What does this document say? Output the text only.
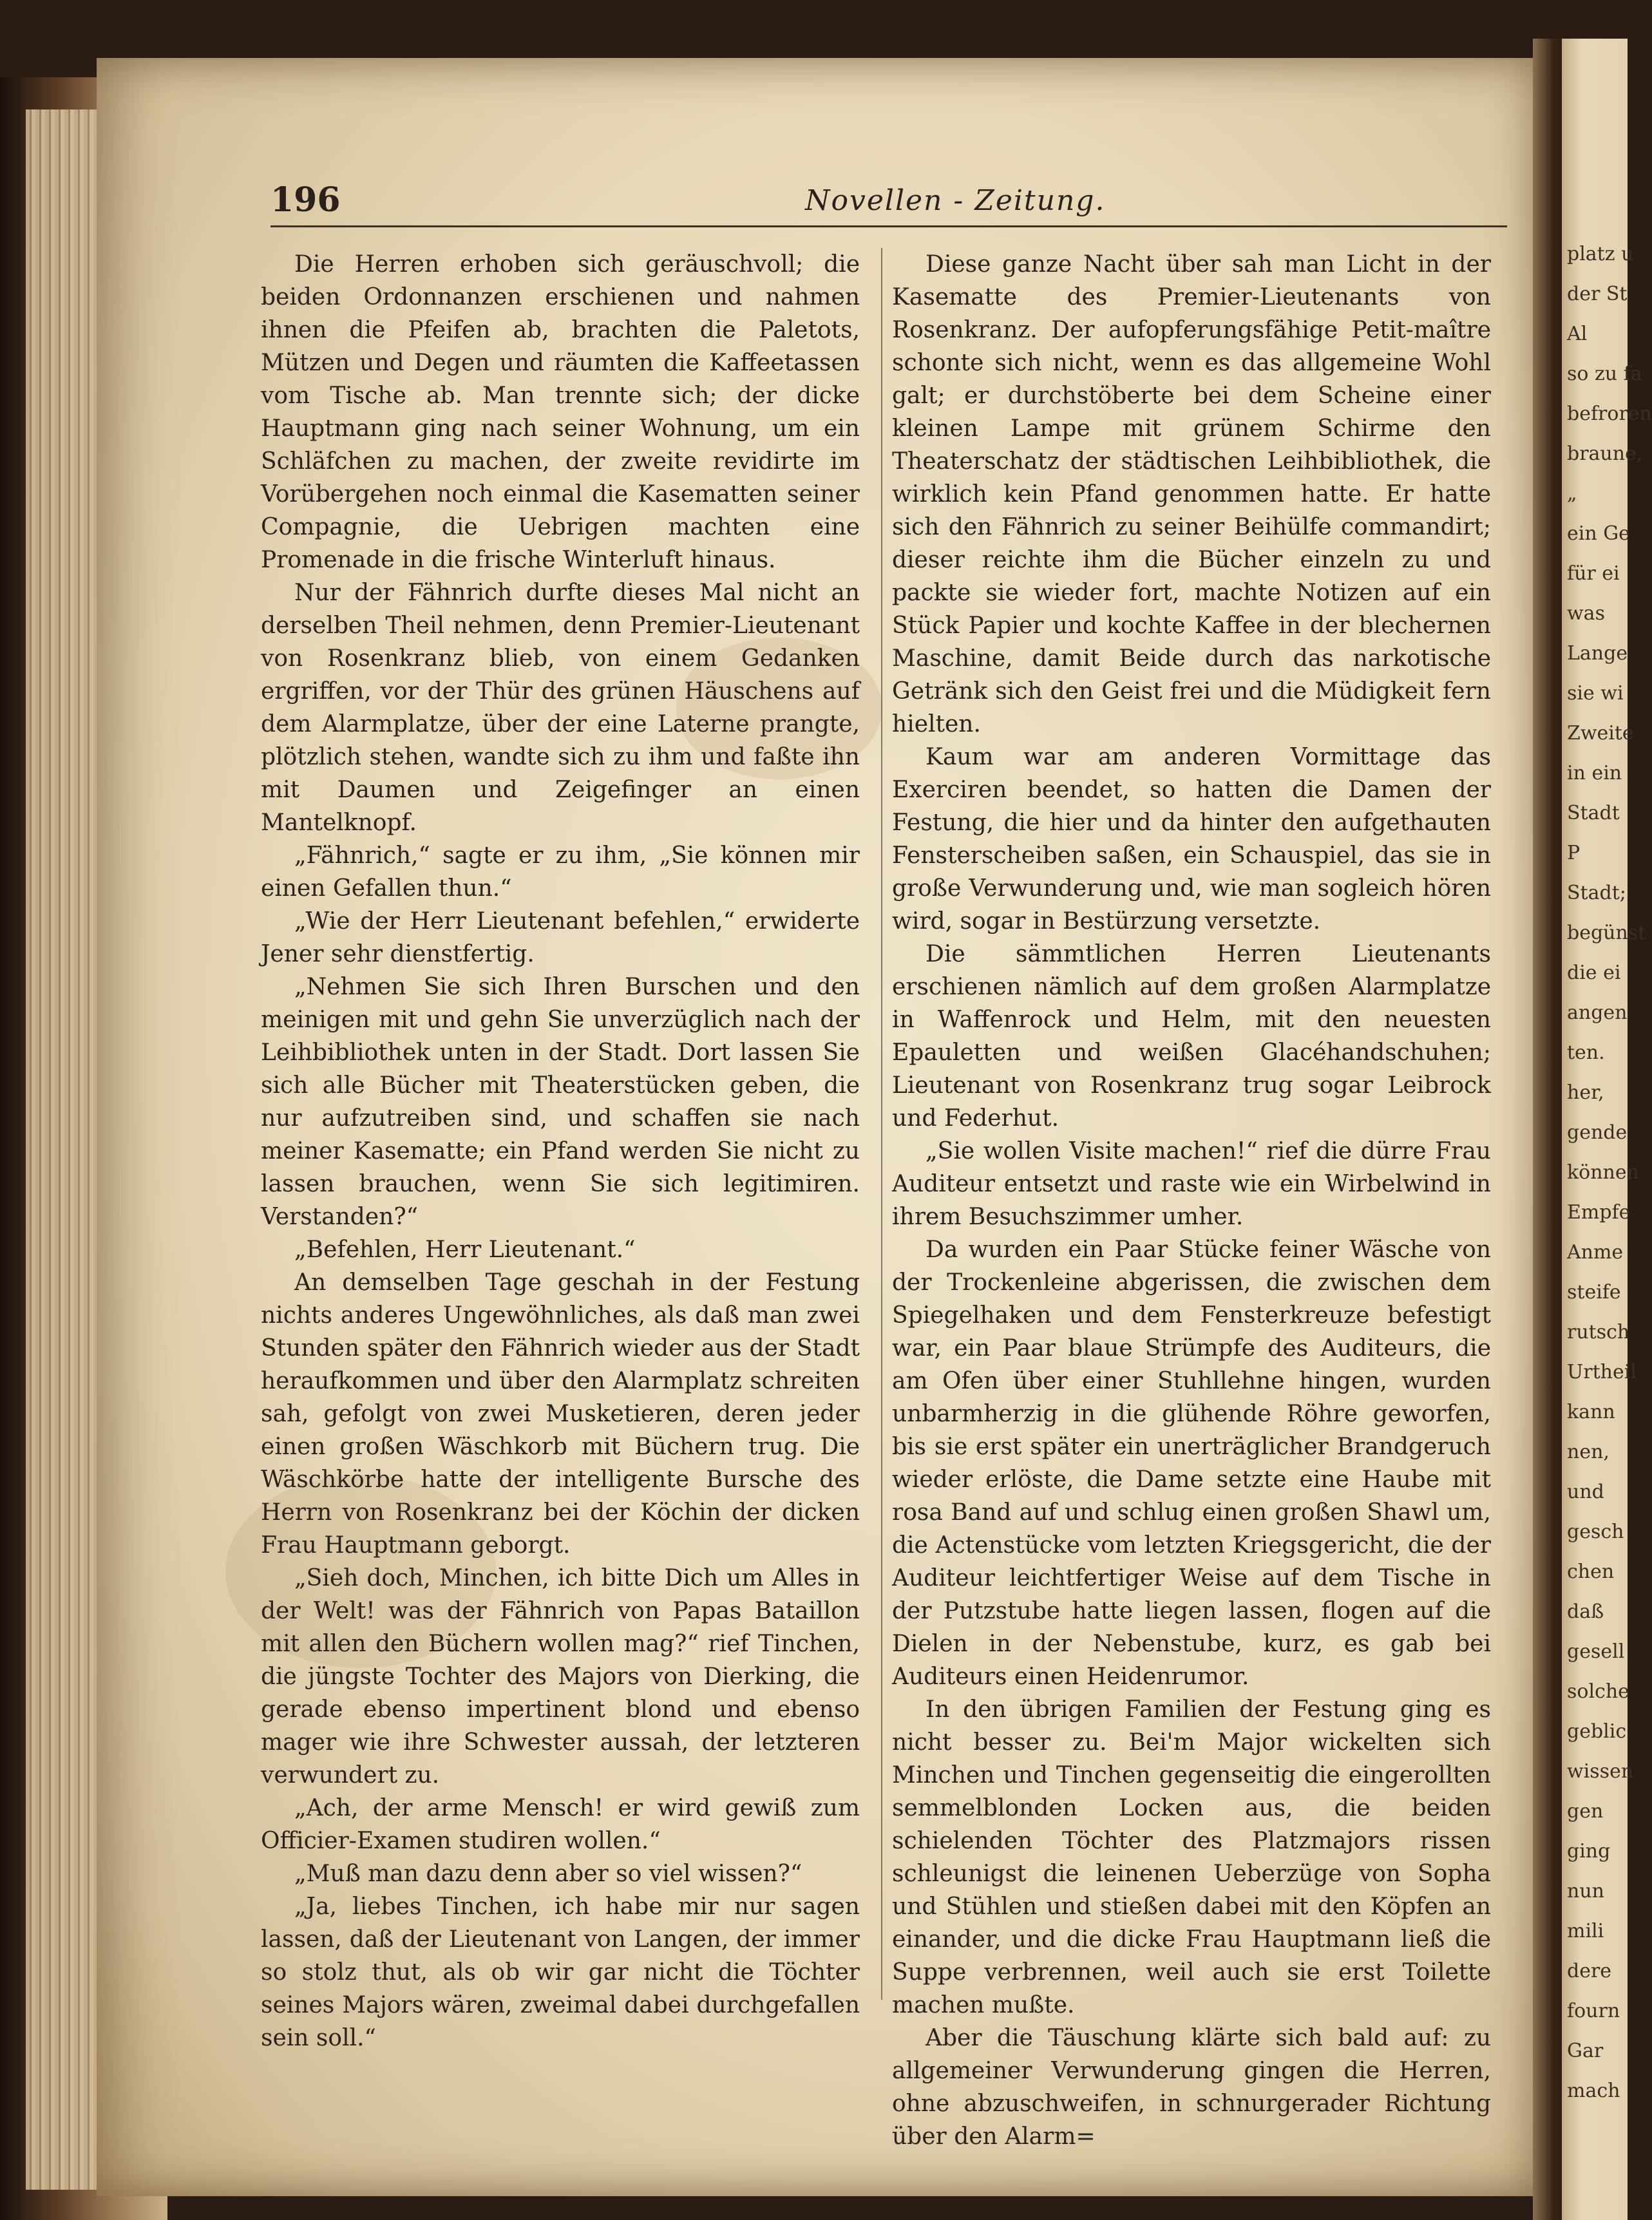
platz u
der St
Al
so zu fa
befroren
braune,
„
ein Ge
für ei
was
Lange
sie wi
Zweite
in ein
Stadt
P
Stadt;
begünst
die ei
angen
ten.
her,
gende
können
Empfe
Anme
steife
rutsch
Urtheil
kann
nen,
und
gesch
chen
daß
gesell
solche
geblic
wissen
gen
ging
nun
mili
dere
fourn
Gar
mach
196	Novellen - Zeitung.

Die Herren erhoben sich geräuschvoll; die beiden Ordonnanzen erschienen und nahmen ihnen die Pfeifen ab, brachten die Paletots, Mützen und Degen und räumten die Kaffeetassen vom Tische ab. Man trennte sich; der dicke Hauptmann ging nach seiner Wohnung, um ein Schläfchen zu machen, der zweite revidirte im Vorübergehen noch einmal die Kasematten seiner Compagnie, die Uebrigen machten eine Promenade in die frische Winterluft hinaus.

Nur der Fähnrich durfte dieses Mal nicht an derselben Theil nehmen, denn Premier-Lieutenant von Rosenkranz blieb, von einem Gedanken ergriffen, vor der Thür des grünen Häuschens auf dem Alarmplatze, über der eine Laterne prangte, plötzlich stehen, wandte sich zu ihm und faßte ihn mit Daumen und Zeigefinger an einen Mantelknopf.

„Fähnrich,“ sagte er zu ihm, „Sie können mir einen Gefallen thun.“

„Wie der Herr Lieutenant befehlen,“ erwiderte Jener sehr dienstfertig.

„Nehmen Sie sich Ihren Burschen und den meinigen mit und gehn Sie unverzüglich nach der Leihbibliothek unten in der Stadt. Dort lassen Sie sich alle Bücher mit Theaterstücken geben, die nur aufzutreiben sind, und schaffen sie nach meiner Kasematte; ein Pfand werden Sie nicht zu lassen brauchen, wenn Sie sich legitimiren. Verstanden?“

„Befehlen, Herr Lieutenant.“

An demselben Tage geschah in der Festung nichts anderes Ungewöhnliches, als daß man zwei Stunden später den Fähnrich wieder aus der Stadt heraufkommen und über den Alarmplatz schreiten sah, gefolgt von zwei Musketieren, deren jeder einen großen Wäschkorb mit Büchern trug. Die Wäschkörbe hatte der intelligente Bursche des Herrn von Rosenkranz bei der Köchin der dicken Frau Hauptmann geborgt.

„Sieh doch, Minchen, ich bitte Dich um Alles in der Welt! was der Fähnrich von Papas Bataillon mit allen den Büchern wollen mag?“ rief Tinchen, die jüngste Tochter des Majors von Dierking, die gerade ebenso impertinent blond und ebenso mager wie ihre Schwester aussah, der letzteren verwundert zu.

„Ach, der arme Mensch! er wird gewiß zum Officier-Examen studiren wollen.“

„Muß man dazu denn aber so viel wissen?“

„Ja, liebes Tinchen, ich habe mir nur sagen lassen, daß der Lieutenant von Langen, der immer so stolz thut, als ob wir gar nicht die Töchter seines Majors wären, zweimal dabei durchgefallen sein soll.“

Diese ganze Nacht über sah man Licht in der Kasematte des Premier-Lieutenants von Rosenkranz. Der aufopferungsfähige Petit-maître schonte sich nicht, wenn es das allgemeine Wohl galt; er durchstöberte bei dem Scheine einer kleinen Lampe mit grünem Schirme den Theaterschatz der städtischen Leihbibliothek, die wirklich kein Pfand genommen hatte. Er hatte sich den Fähnrich zu seiner Beihülfe commandirt; dieser reichte ihm die Bücher einzeln zu und packte sie wieder fort, machte Notizen auf ein Stück Papier und kochte Kaffee in der blechernen Maschine, damit Beide durch das narkotische Getränk sich den Geist frei und die Müdigkeit fern hielten.

Kaum war am anderen Vormittage das Exerciren beendet, so hatten die Damen der Festung, die hier und da hinter den aufgethauten Fensterscheiben saßen, ein Schauspiel, das sie in große Verwunderung und, wie man sogleich hören wird, sogar in Bestürzung versetzte.

Die sämmtlichen Herren Lieutenants erschienen nämlich auf dem großen Alarmplatze in Waffenrock und Helm, mit den neuesten Epauletten und weißen Glacéhandschuhen; Lieutenant von Rosenkranz trug sogar Leibrock und Federhut.

„Sie wollen Visite machen!“ rief die dürre Frau Auditeur entsetzt und raste wie ein Wirbelwind in ihrem Besuchszimmer umher.

Da wurden ein Paar Stücke feiner Wäsche von der Trockenleine abgerissen, die zwischen dem Spiegelhaken und dem Fensterkreuze befestigt war, ein Paar blaue Strümpfe des Auditeurs, die am Ofen über einer Stuhllehne hingen, wurden unbarmherzig in die glühende Röhre geworfen, bis sie erst später ein unerträglicher Brandgeruch wieder erlöste, die Dame setzte eine Haube mit rosa Band auf und schlug einen großen Shawl um, die Actenstücke vom letzten Kriegsgericht, die der Auditeur leichtfertiger Weise auf dem Tische in der Putzstube hatte liegen lassen, flogen auf die Dielen in der Nebenstube, kurz, es gab bei Auditeurs einen Heidenrumor.

In den übrigen Familien der Festung ging es nicht besser zu. Bei'm Major wickelten sich Minchen und Tinchen gegenseitig die eingerollten semmelblonden Locken aus, die beiden schielenden Töchter des Platzmajors rissen schleunigst die leinenen Ueberzüge von Sopha und Stühlen und stießen dabei mit den Köpfen an einander, und die dicke Frau Hauptmann ließ die Suppe verbrennen, weil auch sie erst Toilette machen mußte.

Aber die Täuschung klärte sich bald auf: zu allgemeiner Verwunderung gingen die Herren, ohne abzuschweifen, in schnurgerader Richtung über den Alarm=
